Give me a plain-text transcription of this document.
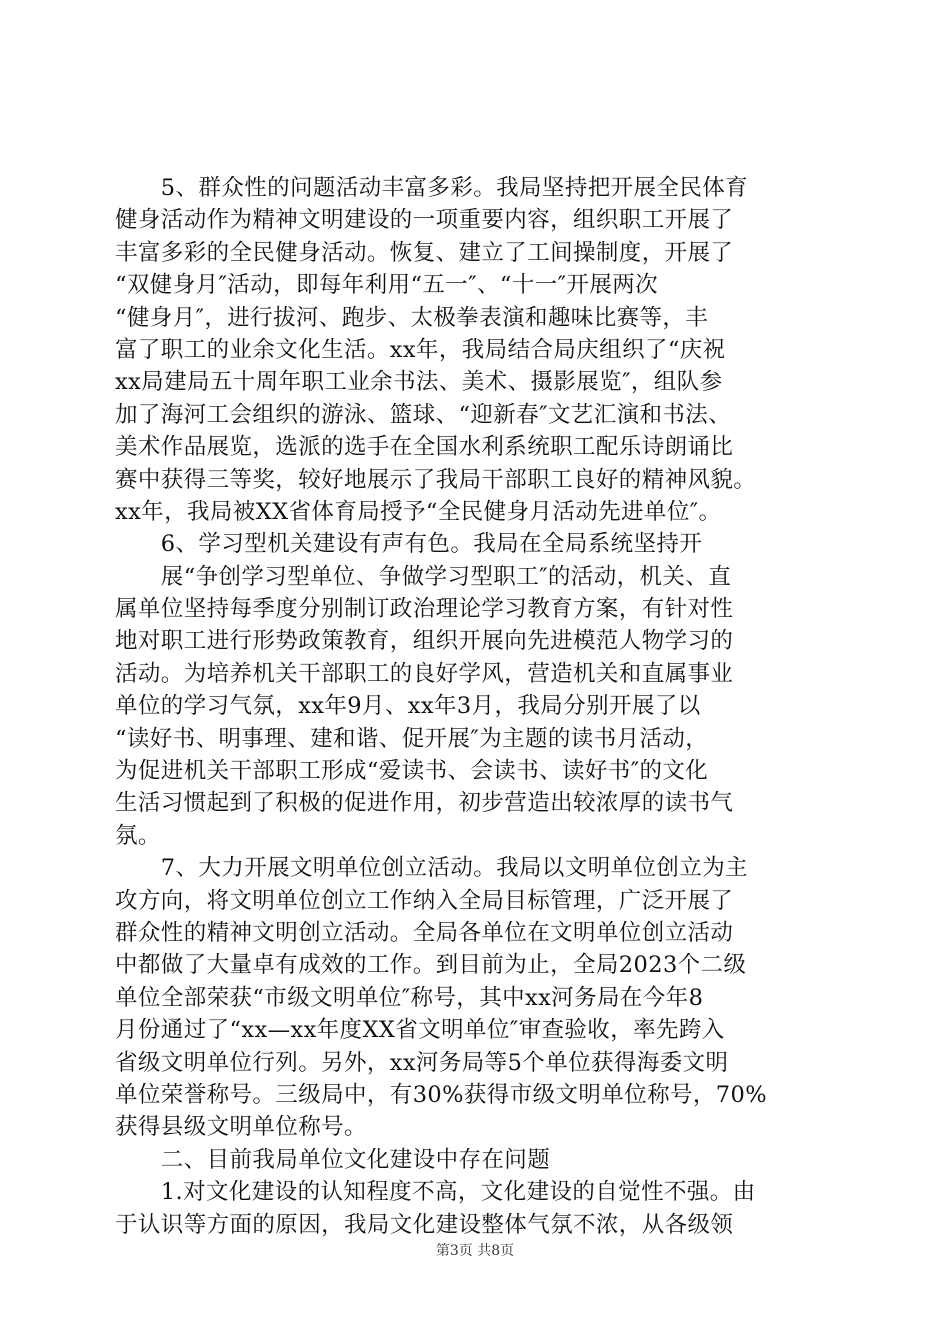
　　5、群众性的问题活动丰富多彩。我局坚持把开展全民体育
健身活动作为精神文明建设的一项重要内容，组织职工开展了
丰富多彩的全民健身活动。恢复、建立了工间操制度，开展了
“双健身月″活动，即每年利用“五一″、“十一″开展两次
“健身月″，进行拔河、跑步、太极拳表演和趣味比赛等，丰
富了职工的业余文化生活。xx年，我局结合局庆组织了“庆祝
xx局建局五十周年职工业余书法、美术、摄影展览″，组队参
加了海河工会组织的游泳、篮球、“迎新春″文艺汇演和书法、
美术作品展览，选派的选手在全国水利系统职工配乐诗朗诵比
赛中获得三等奖，较好地展示了我局干部职工良好的精神风貌。
xx年，我局被XX省体育局授予“全民健身月活动先进单位″。
　　6、学习型机关建设有声有色。我局在全局系统坚持开
　　展“争创学习型单位、争做学习型职工″的活动，机关、直
属单位坚持每季度分别制订政治理论学习教育方案，有针对性
地对职工进行形势政策教育，组织开展向先进模范人物学习的
活动。为培养机关干部职工的良好学风，营造机关和直属事业
单位的学习气氛，xx年9月、xx年3月，我局分别开展了以
“读好书、明事理、建和谐、促开展″为主题的读书月活动，
为促进机关干部职工形成“爱读书、会读书、读好书″的文化
生活习惯起到了积极的促进作用，初步营造出较浓厚的读书气
氛。
　　7、大力开展文明单位创立活动。我局以文明单位创立为主
攻方向，将文明单位创立工作纳入全局目标管理，广泛开展了
群众性的精神文明创立活动。全局各单位在文明单位创立活动
中都做了大量卓有成效的工作。到目前为止，全局2023个二级
单位全部荣获“市级文明单位″称号，其中xx河务局在今年8
月份通过了“xx—xx年度XX省文明单位″审查验收，率先跨入
省级文明单位行列。另外，xx河务局等5个单位获得海委文明
单位荣誉称号。三级局中，有30%获得市级文明单位称号，70%
获得县级文明单位称号。
　　二、目前我局单位文化建设中存在问题
　　1.对文化建设的认知程度不高，文化建设的自觉性不强。由
于认识等方面的原因，我局文化建设整体气氛不浓，从各级领
第3页 共8页
